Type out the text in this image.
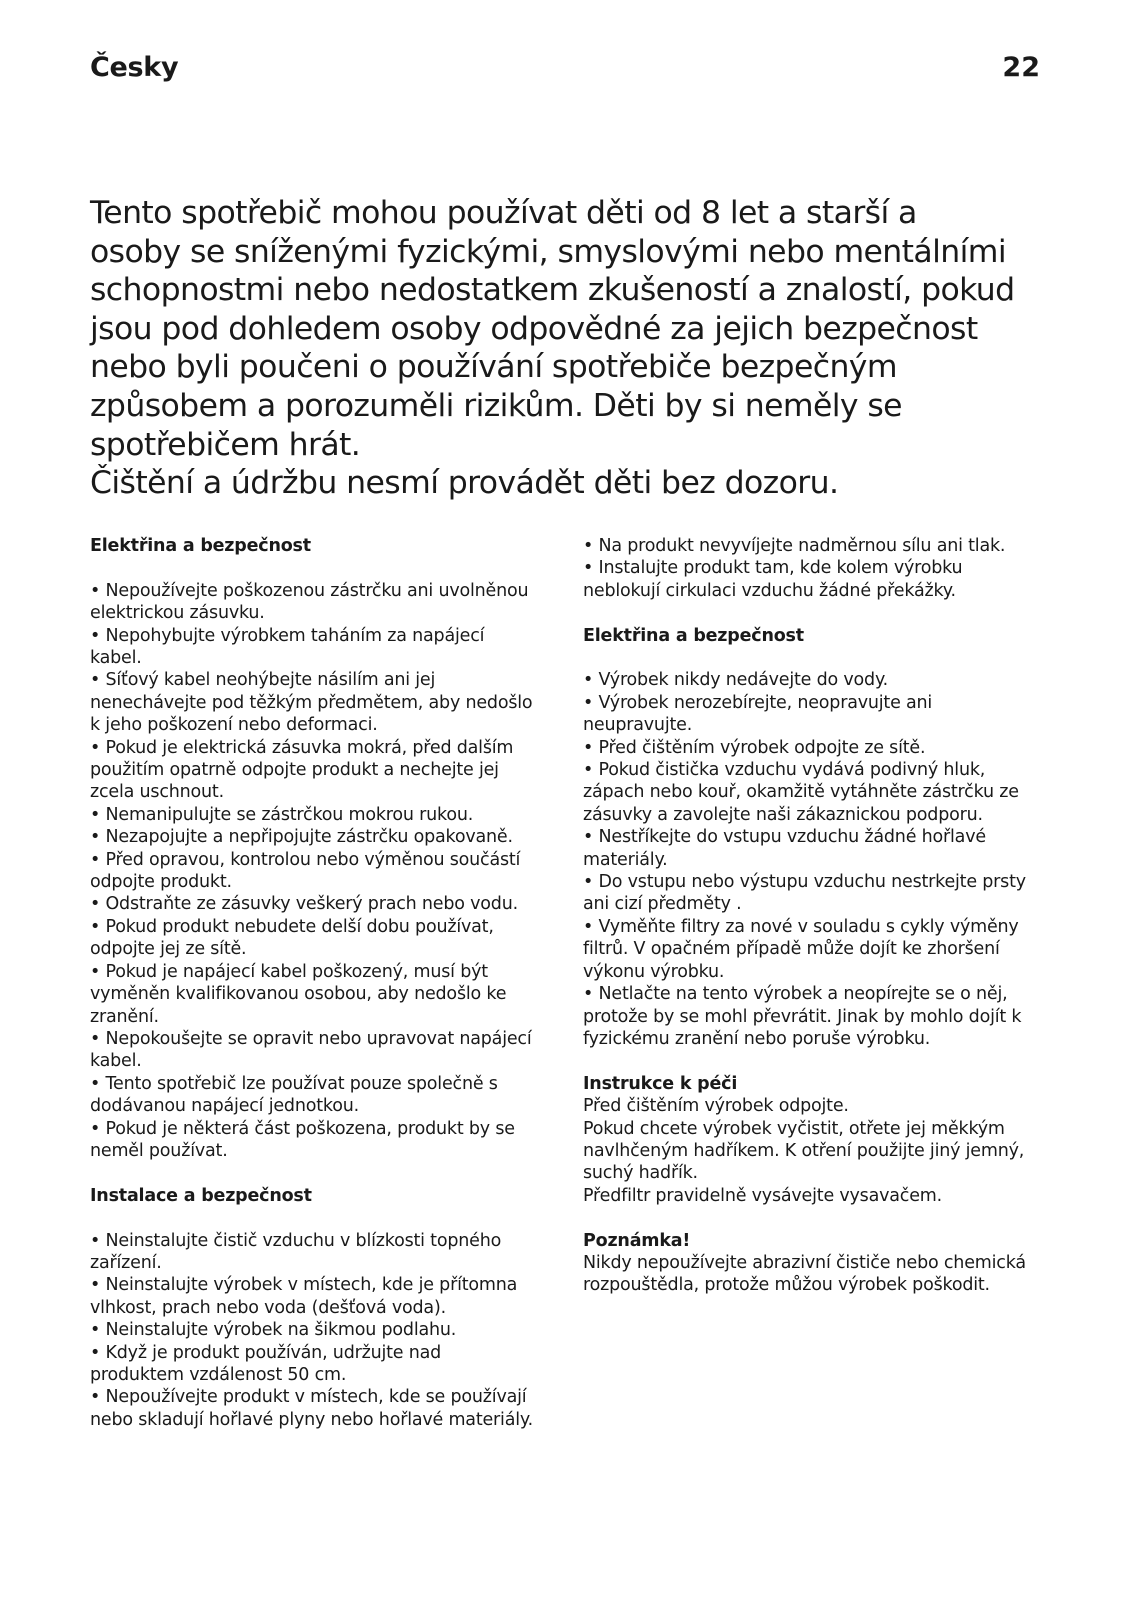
Česky	22
Tento spotřebič mohou používat děti od 8 let a starší a
osoby se sníženými fyzickými, smyslovými nebo mentálními
schopnostmi nebo nedostatkem zkušeností a znalostí, pokud
jsou pod dohledem osoby odpovědné za jejich bezpečnost
nebo byli poučeni o používání spotřebiče bezpečným
způsobem a porozuměli rizikům. Děti by si neměly se
spotřebičem hrát.
Čištění a údržbu nesmí provádět děti bez dozoru.
Elektřina a bezpečnost
• Nepoužívejte poškozenou zástrčku ani uvolněnou
elektrickou zásuvku.
• Nepohybujte výrobkem taháním za napájecí
kabel.
• Síťový kabel neohýbejte násilím ani jej
nenechávejte pod těžkým předmětem, aby nedošlo
k jeho poškození nebo deformaci.
• Pokud je elektrická zásuvka mokrá, před dalším
použitím opatrně odpojte produkt a nechejte jej
zcela uschnout.
• Nemanipulujte se zástrčkou mokrou rukou.
• Nezapojujte a nepřipojujte zástrčku opakovaně.
• Před opravou, kontrolou nebo výměnou součástí
odpojte produkt.
• Odstraňte ze zásuvky veškerý prach nebo vodu.
• Pokud produkt nebudete delší dobu používat,
odpojte jej ze sítě.
• Pokud je napájecí kabel poškozený, musí být
vyměněn kvalifikovanou osobou, aby nedošlo ke
zranění.
• Nepokoušejte se opravit nebo upravovat napájecí
kabel.
• Tento spotřebič lze používat pouze společně s
dodávanou napájecí jednotkou.
• Pokud je některá část poškozena, produkt by se
neměl používat.
Instalace a bezpečnost
• Neinstalujte čistič vzduchu v blízkosti topného
zařízení.
• Neinstalujte výrobek v místech, kde je přítomna
vlhkost, prach nebo voda (dešťová voda).
• Neinstalujte výrobek na šikmou podlahu.
• Když je produkt používán, udržujte nad
produktem vzdálenost 50 cm.
• Nepoužívejte produkt v místech, kde se používají
nebo skladují hořlavé plyny nebo hořlavé materiály.
• Na produkt nevyvíjejte nadměrnou sílu ani tlak.
• Instalujte produkt tam, kde kolem výrobku
neblokují cirkulaci vzduchu žádné překážky.
Elektřina a bezpečnost
• Výrobek nikdy nedávejte do vody.
• Výrobek nerozebírejte, neopravujte ani
neupravujte.
• Před čištěním výrobek odpojte ze sítě.
• Pokud čistička vzduchu vydává podivný hluk,
zápach nebo kouř, okamžitě vytáhněte zástrčku ze
zásuvky a zavolejte naši zákaznickou podporu.
• Nestříkejte do vstupu vzduchu žádné hořlavé
materiály.
• Do vstupu nebo výstupu vzduchu nestrkejte prsty
ani cizí předměty .
• Vyměňte filtry za nové v souladu s cykly výměny
filtrů. V opačném případě může dojít ke zhoršení
výkonu výrobku.
• Netlačte na tento výrobek a neopírejte se o něj,
protože by se mohl převrátit. Jinak by mohlo dojít k
fyzickému zranění nebo poruše výrobku.
Instrukce k péči
Před čištěním výrobek odpojte.
Pokud chcete výrobek vyčistit, otřete jej měkkým
navlhčeným hadříkem. K otření použijte jiný jemný,
suchý hadřík.
Předfiltr pravidelně vysávejte vysavačem.
Poznámka!
Nikdy nepoužívejte abrazivní čističe nebo chemická
rozpouštědla, protože můžou výrobek poškodit.
